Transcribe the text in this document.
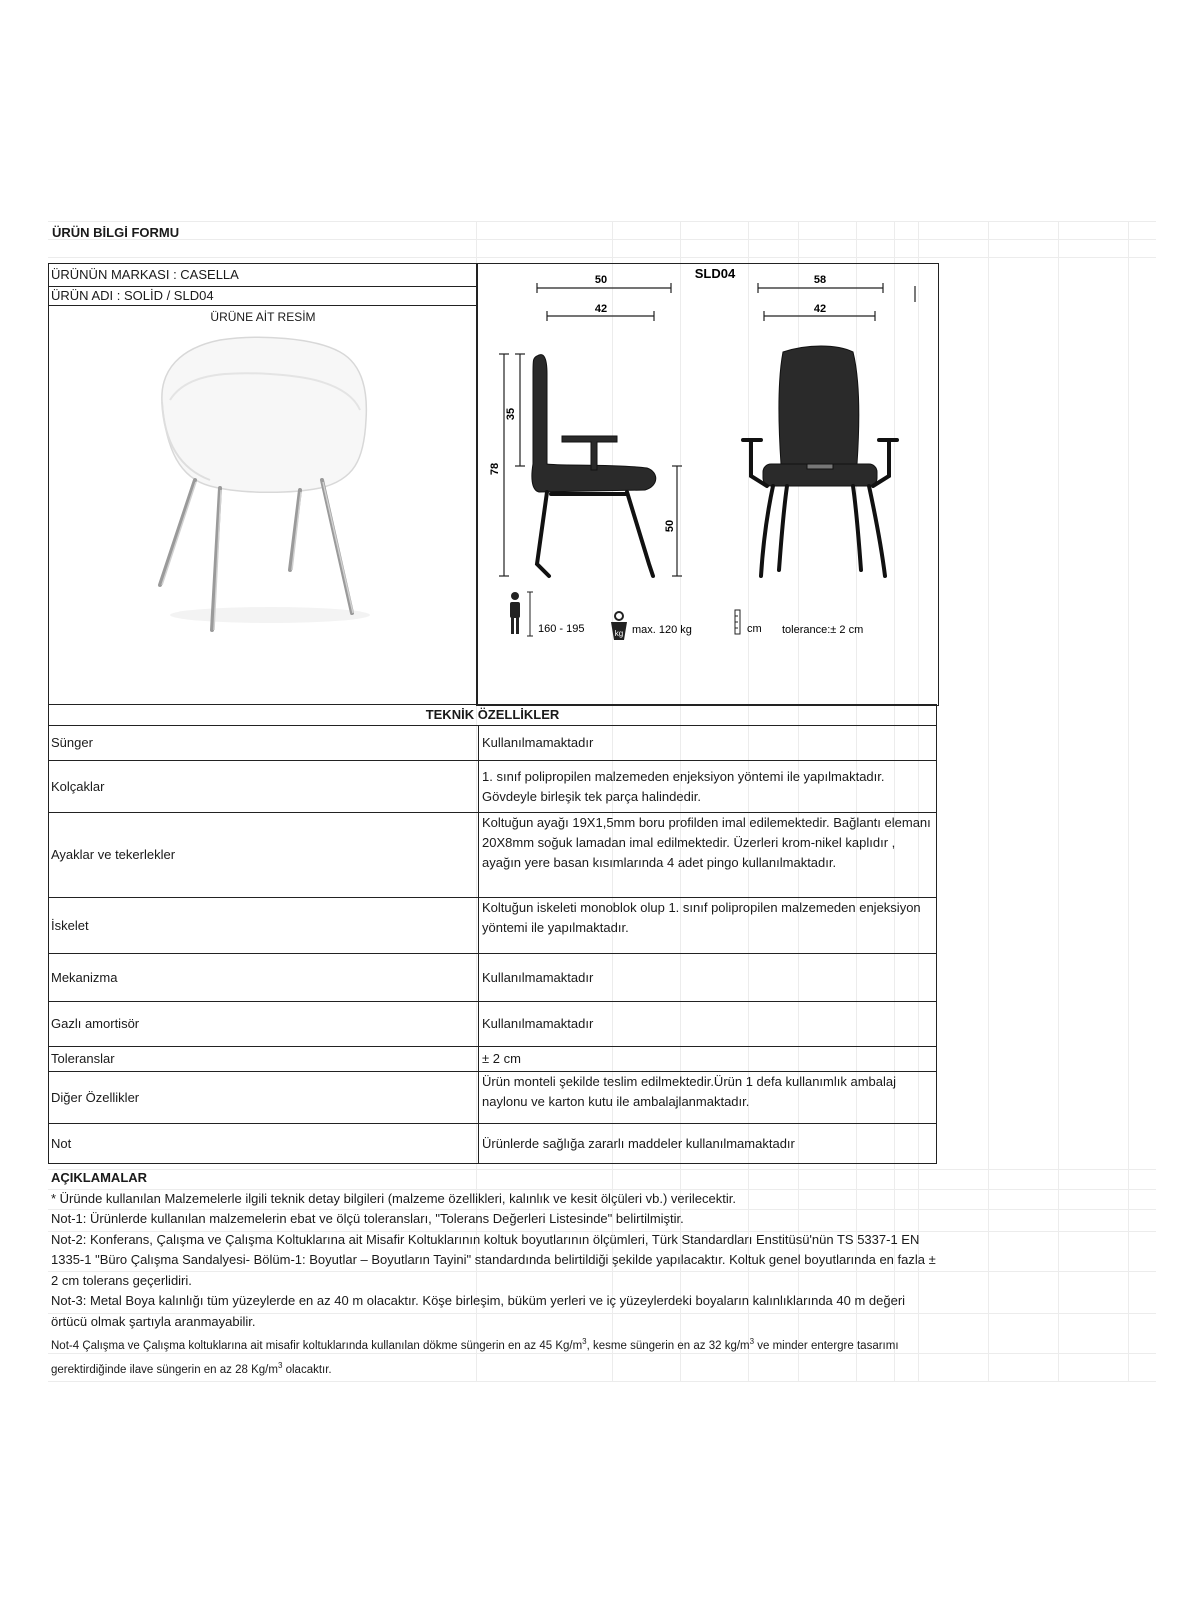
ÜRÜN BİLGİ FORMU
ÜRÜNÜN MARKASI : CASELLA
ÜRÜN ADI : SOLİD / SLD04
ÜRÜNE AİT RESİM
50
42
SLD04	58
42
78
35
50
160 - 195	kg max. 120 kg	cm tolerance:± 2 cm
TEKNİK ÖZELLİKLER	
Sünger	Kullanılmamaktadır
Kolçaklar	1. sınıf polipropilen malzemeden enjeksiyon yöntemi ile yapılmaktadır. Gövdeyle birleşik tek parça halindedir.
Ayaklar ve tekerlekler	Koltuğun ayağı 19X1,5mm boru profilden imal edilemektedir. Bağlantı elemanı 20X8mm soğuk lamadan imal edilmektedir. Üzerleri krom-nikel kaplıdır , ayağın yere basan kısımlarında 4 adet pingo kullanılmaktadır.
İskelet	Koltuğun iskeleti monoblok olup 1. sınıf polipropilen malzemeden enjeksiyon yöntemi ile yapılmaktadır.
Mekanizma	Kullanılmamaktadır
Gazlı amortisör	Kullanılmamaktadır
Toleranslar	± 2 cm
Diğer Özellikler	Ürün monteli şekilde teslim edilmektedir.Ürün 1 defa kullanımlık ambalaj naylonu ve karton kutu ile ambalajlanmaktadır.
Not	Ürünlerde sağlığa zararlı maddeler kullanılmamaktadır
AÇIKLAMALAR
* Üründe kullanılan Malzemelerle ilgili teknik detay bilgileri (malzeme özellikleri, kalınlık ve kesit ölçüleri vb.) verilecektir.
Not-1: Ürünlerde kullanılan malzemelerin ebat ve ölçü toleransları, "Tolerans Değerleri Listesinde" belirtilmiştir.
Not-2: Konferans, Çalışma ve Çalışma Koltuklarına ait Misafir Koltuklarının koltuk boyutlarının ölçümleri, Türk Standardları Enstitüsü'nün TS 5337-1 EN 1335-1 "Büro Çalışma Sandalyesi- Bölüm-1: Boyutlar – Boyutların Tayini" standardında belirtildiği şekilde yapılacaktır. Koltuk genel boyutlarında en fazla ± 2 cm tolerans geçerlidiri.
Not-3: Metal Boya kalınlığı tüm yüzeylerde en az 40 m olacaktır. Köşe birleşim, büküm yerleri ve iç yüzeylerdeki boyaların kalınlıklarında 40 m değeri örtücü olmak şartıyla aranmayabilir.
Not-4 Çalışma ve Çalışma koltuklarına ait misafir koltuklarında kullanılan dökme süngerin en az 45 $Kg/m^3$, kesme süngerin en az 32 $kg/m^3$ ve minder entergre tasarımı gerektirdiğinde ilave süngerin en az 28 $Kg/m^3$ olacaktır.
